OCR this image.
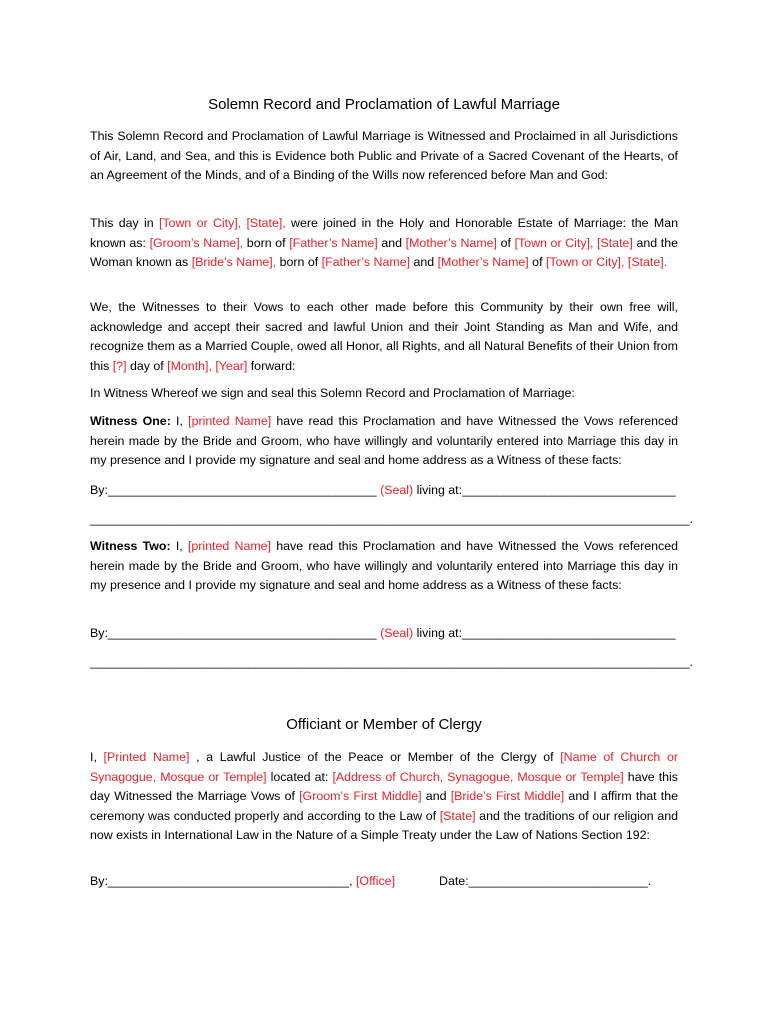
Solemn Record and Proclamation of Lawful Marriage

This Solemn Record and Proclamation of Lawful Marriage is Witnessed and Proclaimed in all Jurisdictions of Air, Land, and Sea, and this is Evidence both Public and Private of a Sacred Covenant of the Hearts, of an Agreement of the Minds, and of a Binding of the Wills now referenced before Man and God:

This day in [Town or City], [State], were joined in the Holy and Honorable Estate of Marriage: the Man known as: [Groom’s Name], born of [Father’s Name] and [Mother’s Name] of [Town or City], [State] and the Woman known as [Bride’s Name], born of [Father’s Name] and [Mother’s Name] of [Town or City], [State].

We, the Witnesses to their Vows to each other made before this Community by their own free will, acknowledge and accept their sacred and lawful Union and their Joint Standing as Man and Wife, and recognize them as a Married Couple, owed all Honor, all Rights, and all Natural Benefits of their Union from this [?] day of [Month], [Year] forward:

In Witness Whereof we sign and seal this Solemn Record and Proclamation of Marriage:

Witness One: I, [printed Name] have read this Proclamation and have Witnessed the Vows referenced herein made by the Bride and Groom, who have willingly and voluntarily entered into Marriage this day in my presence and I provide my signature and seal and home address as a Witness of these facts:

By:_______________________________________ (Seal) living at:_______________________________

_______________________________________________________________________________________.

Witness Two: I, [printed Name] have read this Proclamation and have Witnessed the Vows referenced herein made by the Bride and Groom, who have willingly and voluntarily entered into Marriage this day in my presence and I provide my signature and seal and home address as a Witness of these facts:

By:_______________________________________ (Seal) living at:_______________________________

_______________________________________________________________________________________.

Officiant or Member of Clergy

I, [Printed Name] , a Lawful Justice of the Peace or Member of the Clergy of [Name of Church or Synagogue, Mosque or Temple] located at: [Address of Church, Synagogue, Mosque or Temple] have this day Witnessed the Marriage Vows of [Groom’s First Middle] and [Bride’s First Middle] and I affirm that the ceremony was conducted properly and according to the Law of [State] and the traditions of our religion and now exists in International Law in the Nature of a Simple Treaty under the Law of Nations Section 192:

By:___________________________________, [Office]	Date:__________________________.
